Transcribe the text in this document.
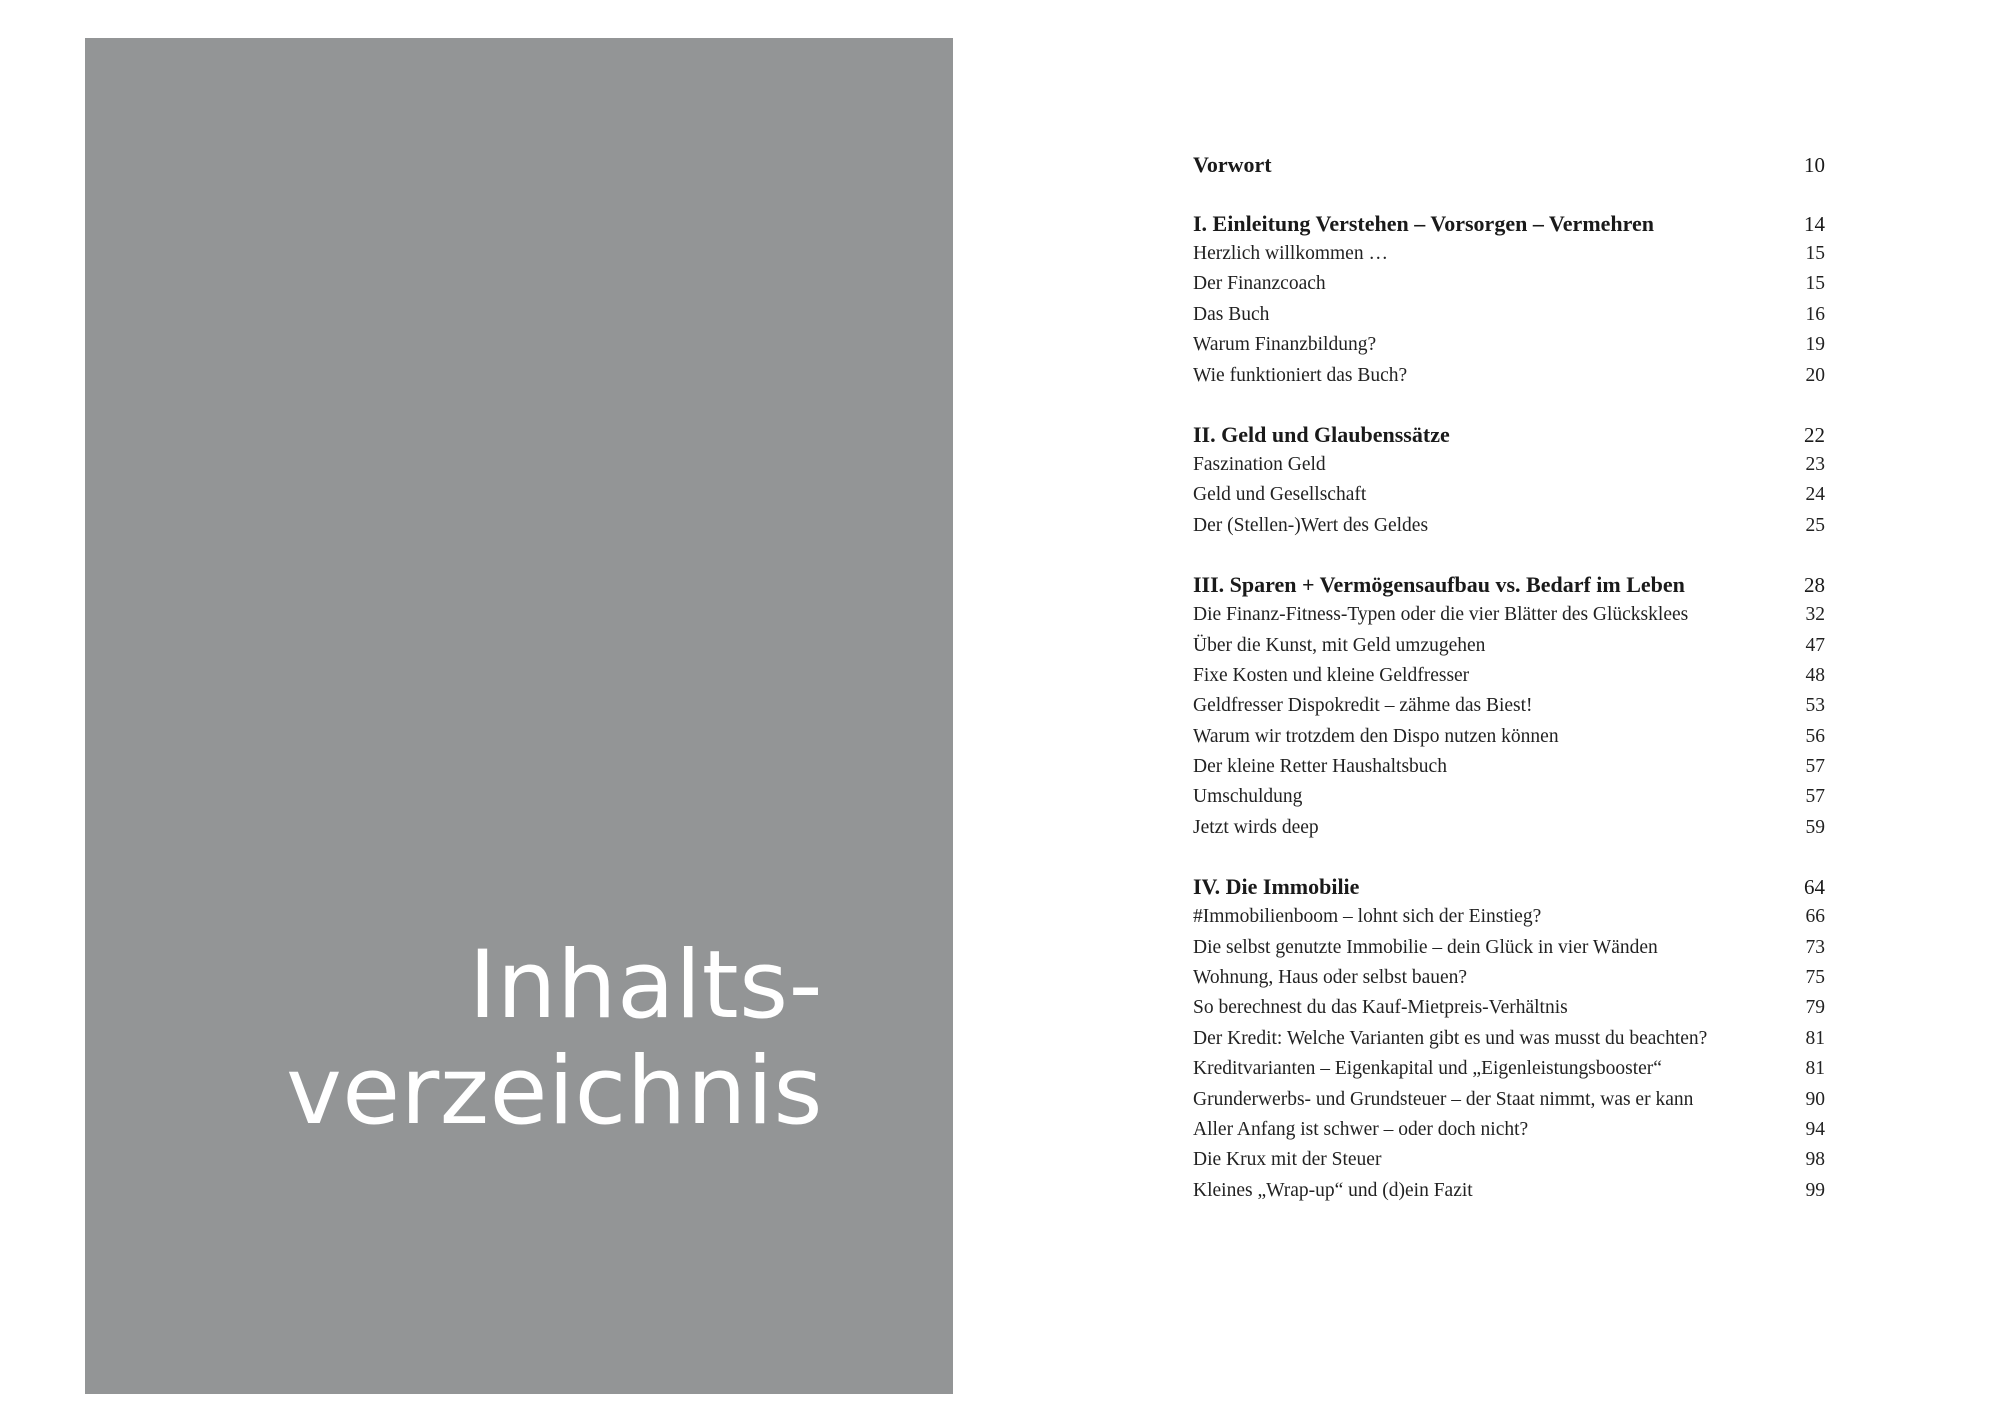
Inhalts-
verzeichnis
Vorwort	10
I. Einleitung Verstehen – Vorsorgen – Vermehren	14
Herzlich willkommen …	15
Der Finanzcoach	15
Das Buch	16
Warum Finanzbildung?	19
Wie funktioniert das Buch?	20
II. Geld und Glaubenssätze	22
Faszination Geld	23
Geld und Gesellschaft	24
Der (Stellen-)Wert des Geldes	25
III. Sparen + Vermögensaufbau vs. Bedarf im Leben	28
Die Finanz-Fitness-Typen oder die vier Blätter des Glücksklees	32
Über die Kunst, mit Geld umzugehen	47
Fixe Kosten und kleine Geldfresser	48
Geldfresser Dispokredit – zähme das Biest!	53
Warum wir trotzdem den Dispo nutzen können	56
Der kleine Retter Haushaltsbuch	57
Umschuldung	57
Jetzt wirds deep	59
IV. Die Immobilie	64
#Immobilienboom – lohnt sich der Einstieg?	66
Die selbst genutzte Immobilie – dein Glück in vier Wänden	73
Wohnung, Haus oder selbst bauen?	75
So berechnest du das Kauf-Mietpreis-Verhältnis	79
Der Kredit: Welche Varianten gibt es und was musst du beachten?	81
Kreditvarianten – Eigenkapital und „Eigenleistungsbooster“	81
Grunderwerbs- und Grundsteuer – der Staat nimmt, was er kann	90
Aller Anfang ist schwer – oder doch nicht?	94
Die Krux mit der Steuer	98
Kleines „Wrap-up“ und (d)ein Fazit	99
